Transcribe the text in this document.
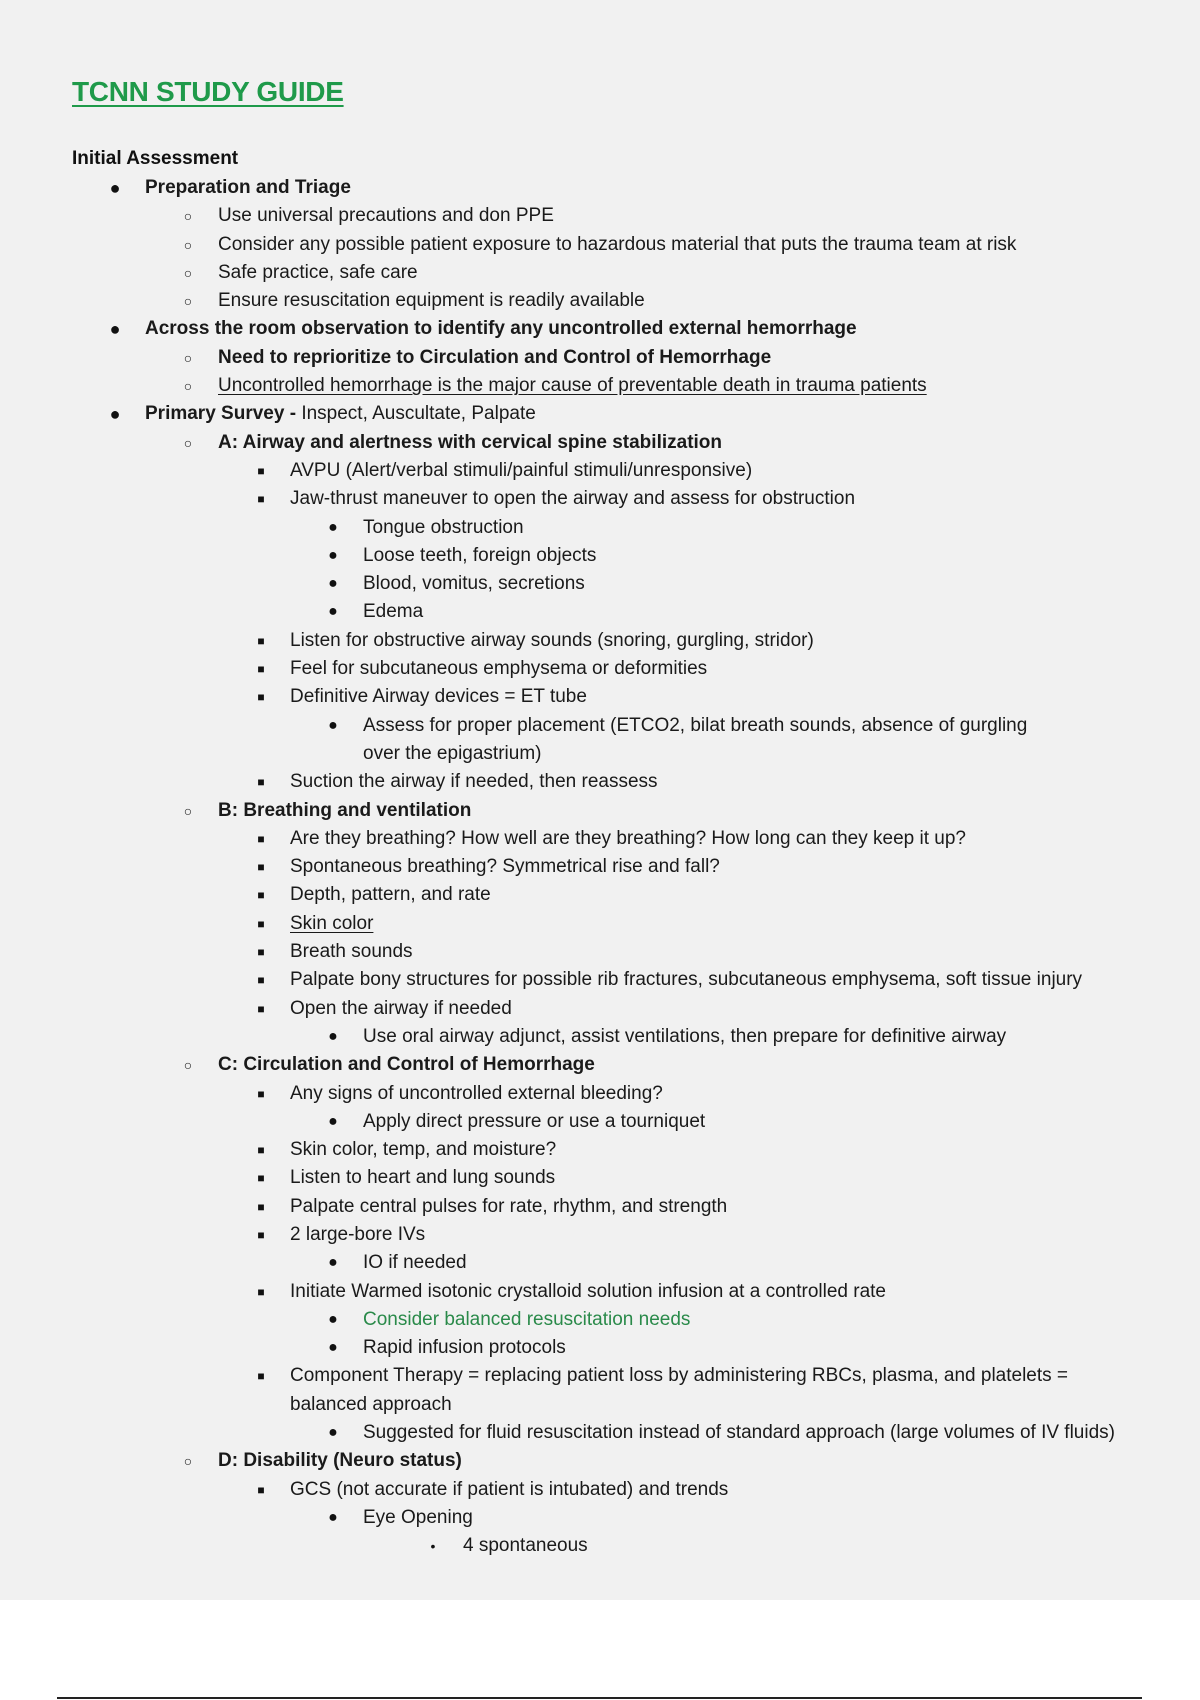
TCNN STUDY GUIDE
Initial Assessment
● Preparation and Triage
○ Use universal precautions and don PPE
○ Consider any possible patient exposure to hazardous material that puts the trauma team at risk
○ Safe practice, safe care
○ Ensure resuscitation equipment is readily available
● Across the room observation to identify any uncontrolled external hemorrhage
○ Need to reprioritize to Circulation and Control of Hemorrhage
○ Uncontrolled hemorrhage is the major cause of preventable death in trauma patients
● Primary Survey - Inspect, Auscultate, Palpate
○ A: Airway and alertness with cervical spine stabilization
■ AVPU (Alert/verbal stimuli/painful stimuli/unresponsive)
■ Jaw-thrust maneuver to open the airway and assess for obstruction
● Tongue obstruction
● Loose teeth, foreign objects
● Blood, vomitus, secretions
● Edema
■ Listen for obstructive airway sounds (snoring, gurgling, stridor)
■ Feel for subcutaneous emphysema or deformities
■ Definitive Airway devices = ET tube
● Assess for proper placement (ETCO2, bilat breath sounds, absence of gurgling
over the epigastrium)
■ Suction the airway if needed, then reassess
○ B: Breathing and ventilation
■ Are they breathing? How well are they breathing? How long can they keep it up?
■ Spontaneous breathing? Symmetrical rise and fall?
■ Depth, pattern, and rate
■ Skin color
■ Breath sounds
■ Palpate bony structures for possible rib fractures, subcutaneous emphysema, soft tissue injury
■ Open the airway if needed
● Use oral airway adjunct, assist ventilations, then prepare for definitive airway
○ C: Circulation and Control of Hemorrhage
■ Any signs of uncontrolled external bleeding?
● Apply direct pressure or use a tourniquet
■ Skin color, temp, and moisture?
■ Listen to heart and lung sounds
■ Palpate central pulses for rate, rhythm, and strength
■ 2 large-bore IVs
● IO if needed
■ Initiate Warmed isotonic crystalloid solution infusion at a controlled rate
● Consider balanced resuscitation needs
● Rapid infusion protocols
■ Component Therapy = replacing patient loss by administering RBCs, plasma, and platelets =
balanced approach
● Suggested for fluid resuscitation instead of standard approach (large volumes of IV fluids)
○ D: Disability (Neuro status)
■ GCS (not accurate if patient is intubated) and trends
● Eye Opening
•	4 spontaneous
